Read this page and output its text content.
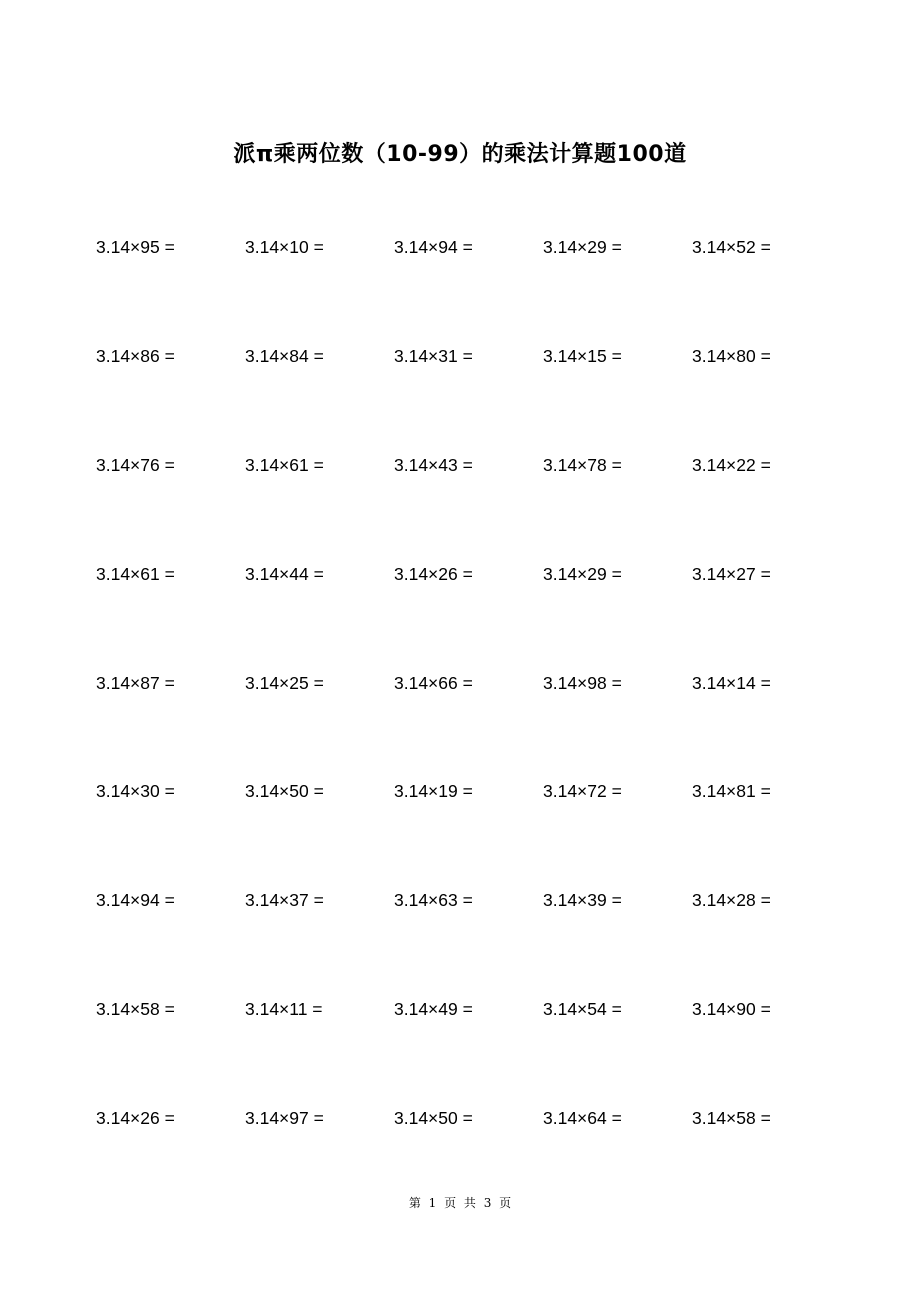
派π乘两位数（10-99）的乘法计算题100道
3.14×95 =	3.14×10 =	3.14×94 =	3.14×29 =	3.14×52 =
3.14×86 =	3.14×84 =	3.14×31 =	3.14×15 =	3.14×80 =
3.14×76 =	3.14×61 =	3.14×43 =	3.14×78 =	3.14×22 =
3.14×61 =	3.14×44 =	3.14×26 =	3.14×29 =	3.14×27 =
3.14×87 =	3.14×25 =	3.14×66 =	3.14×98 =	3.14×14 =
3.14×30 =	3.14×50 =	3.14×19 =	3.14×72 =	3.14×81 =
3.14×94 =	3.14×37 =	3.14×63 =	3.14×39 =	3.14×28 =
3.14×58 =	3.14×11 =	3.14×49 =	3.14×54 =	3.14×90 =
3.14×26 =	3.14×97 =	3.14×50 =	3.14×64 =	3.14×58 =
第 1 页 共 3 页
